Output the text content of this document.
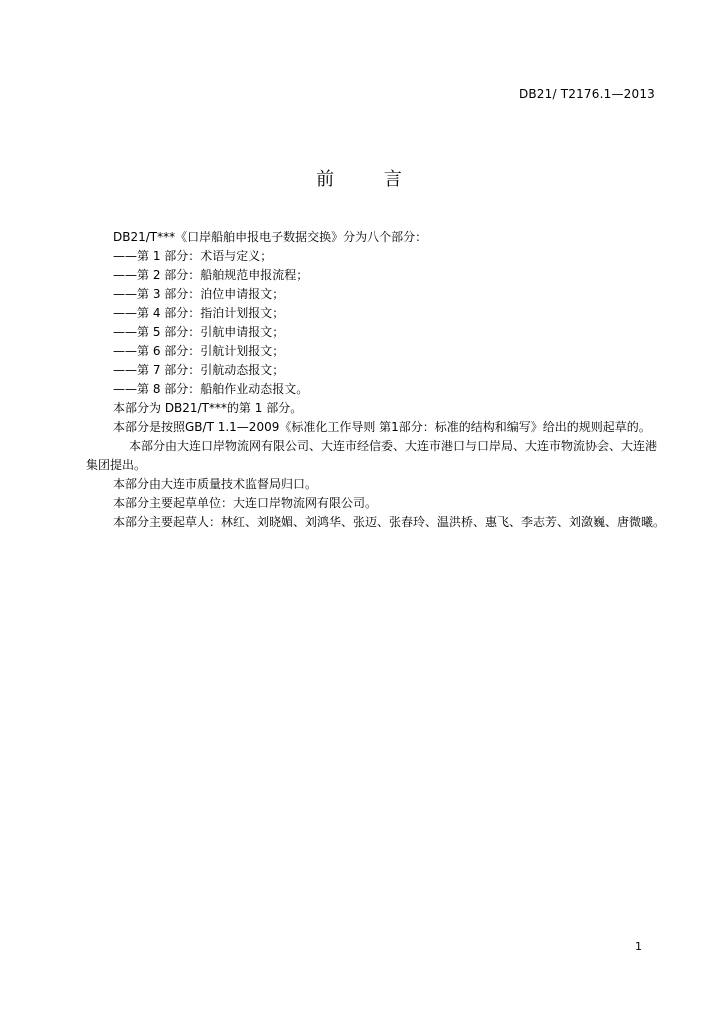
DB21/ T2176.1—2013
前 言

DB21/T***《口岸船舶申报电子数据交换》分为八个部分：

——第 1 部分：术语与定义；

——第 2 部分：船舶规范申报流程；

——第 3 部分：泊位申请报文；

——第 4 部分：指泊计划报文；

——第 5 部分：引航申请报文；

——第 6 部分：引航计划报文；

——第 7 部分：引航动态报文；

——第 8 部分：船舶作业动态报文。

本部分为 DB21/T***的第 1 部分。

本部分是按照GB/T 1.1—2009《标准化工作导则 第1部分：标准的结构和编写》给出的规则起草的。

本部分由大连口岸物流网有限公司、大连市经信委、大连市港口与口岸局、大连市物流协会、大连港集团提出。

本部分由大连市质量技术监督局归口。

本部分主要起草单位：大连口岸物流网有限公司。

本部分主要起草人：林红、刘晓媚、刘鸿华、张迈、张春玲、温洪桥、惠飞、李志芳、刘潋巍、唐微曦。

1
